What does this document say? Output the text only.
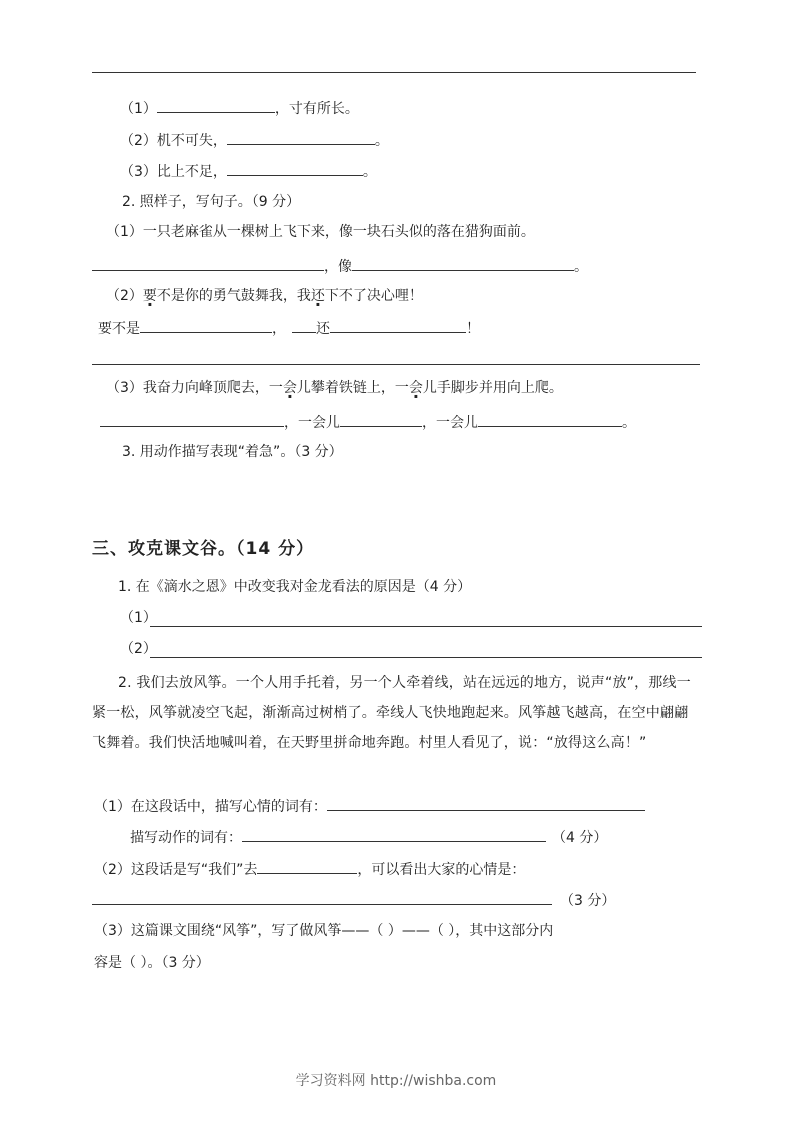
（1）	，寸有所长。
（2）机不可失，	。
（3）比上不足，	。
2. 照样子，写句子。（9 分）
（1）一只老麻雀从一棵树上飞下来，像一块石头似的落在猎狗面前。
，像	。
（2）要不是你的勇气鼓舞我，我还下不了决心哩！
要不是	， 还	！
（3）我奋力向峰顶爬去，一会儿攀着铁链上，一会儿手脚步并用向上爬。
，一会儿	，一会儿	。
3. 用动作描写表现“着急”。（3 分）
三、攻克课文谷。（14 分）
1. 在《滴水之恩》中改变我对金龙看法的原因是（4 分）
（1）
（2）
2. 我们去放风筝。一个人用手托着，另一个人牵着线，站在远远的地方，说声“放”，那线一紧一松，风筝就凌空飞起，渐渐高过树梢了。牵线人飞快地跑起来。风筝越飞越高，在空中翩翩飞舞着。我们快活地喊叫着，在天野里拼命地奔跑。村里人看见了，说：“放得这么高！”
（1）在这段话中，描写心情的词有：
描写动作的词有：	（4 分）
（2）这段话是写“我们”去	，可以看出大家的心情是：
（3 分）
（3）这篇课文围绕“风筝”，写了做风筝——（ ）——（ ），其中这部分内
容是（ ）。（3 分）
学习资料网 http://wishba.com
